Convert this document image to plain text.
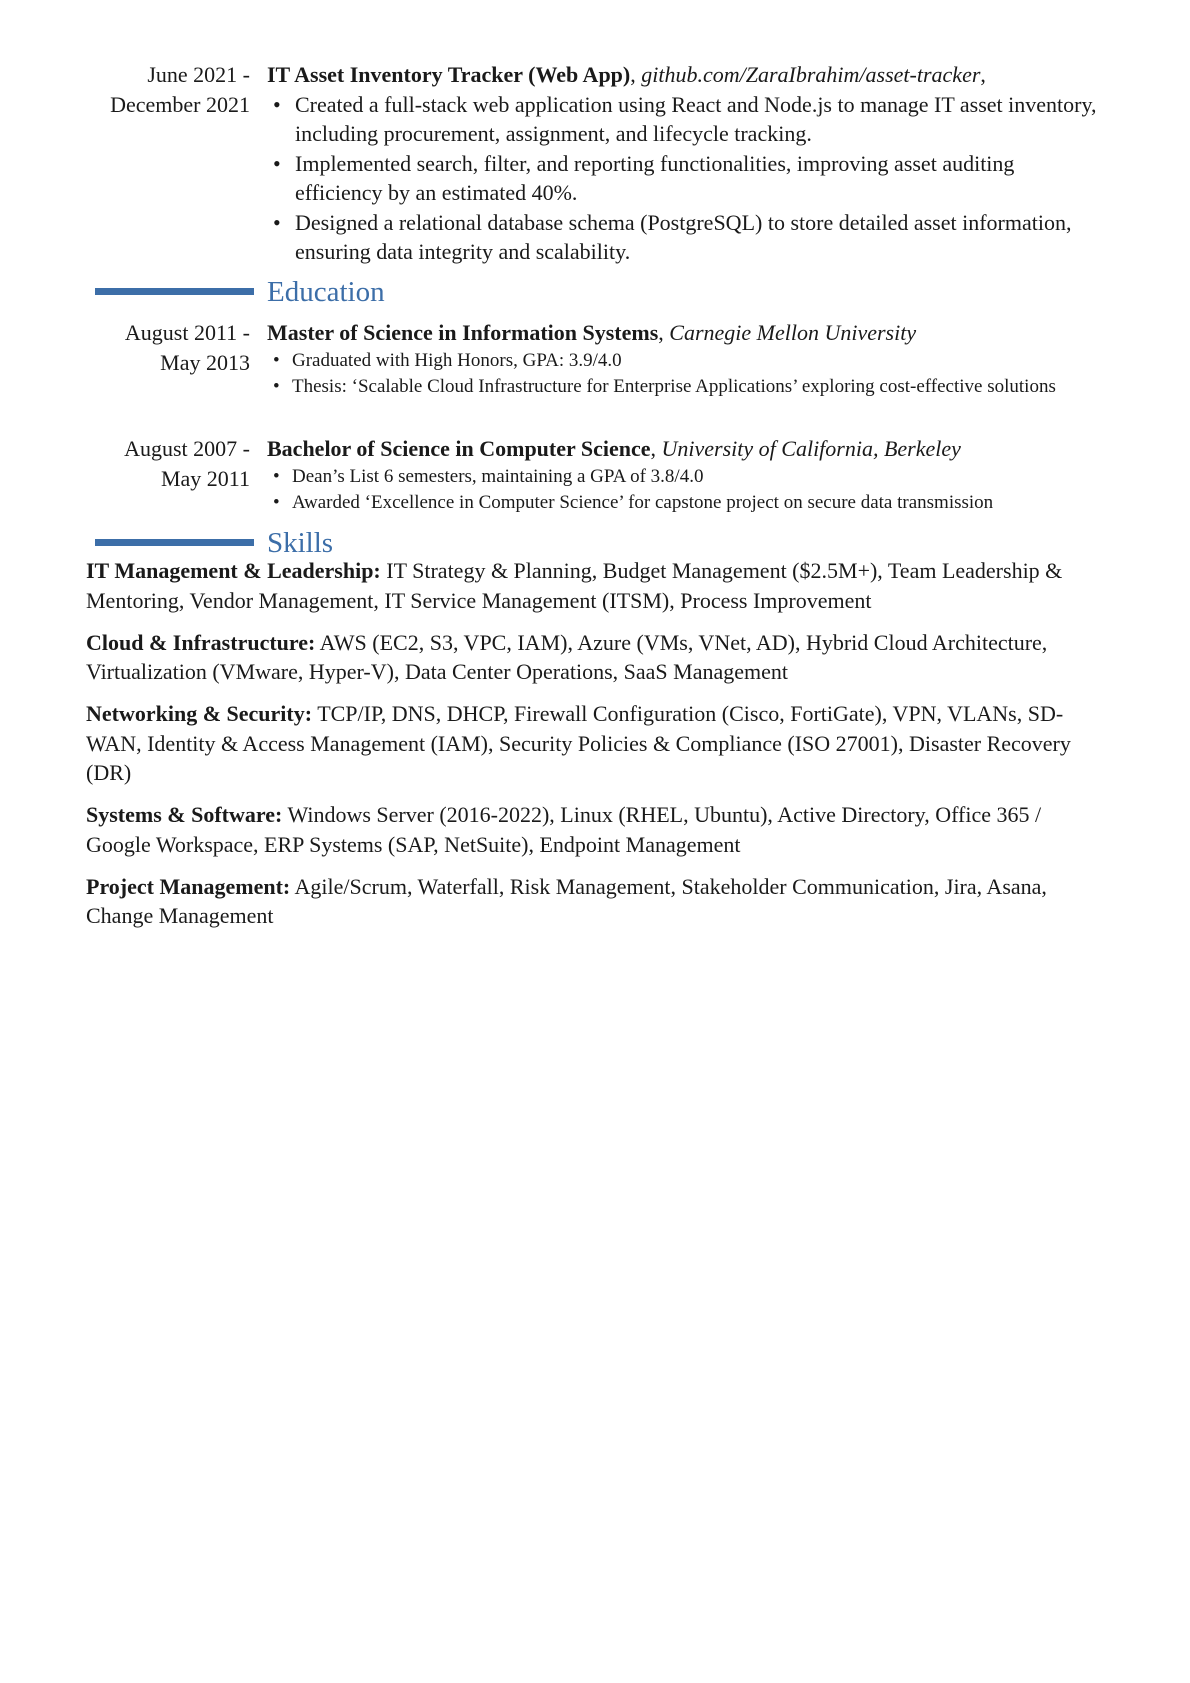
June 2021 -
December 2021
IT Asset Inventory Tracker (Web App), github.com/ZaraIbrahim/asset-tracker,
• Created a full-stack web application using React and Node.js to manage IT asset inventory, including procurement, assignment, and lifecycle tracking.
• Implemented search, filter, and reporting functionalities, improving asset auditing efficiency by an estimated 40%.
• Designed a relational database schema (PostgreSQL) to store detailed asset information, ensuring data integrity and scalability.
Education
August 2011 -
May 2013
Master of Science in Information Systems, Carnegie Mellon University
• Graduated with High Honors, GPA: 3.9/4.0
• Thesis: ‘Scalable Cloud Infrastructure for Enterprise Applications’ exploring cost-effective solutions
August 2007 -
May 2011
Bachelor of Science in Computer Science, University of California, Berkeley
• Dean’s List 6 semesters, maintaining a GPA of 3.8/4.0
• Awarded ‘Excellence in Computer Science’ for capstone project on secure data transmission
Skills

IT Management & Leadership: IT Strategy & Planning, Budget Management ($2.5M+), Team Leadership & Mentoring, Vendor Management, IT Service Management (ITSM), Process Improvement

Cloud & Infrastructure: AWS (EC2, S3, VPC, IAM), Azure (VMs, VNet, AD), Hybrid Cloud Architecture, Virtualization (VMware, Hyper-V), Data Center Operations, SaaS Management

Networking & Security: TCP/IP, DNS, DHCP, Firewall Configuration (Cisco, FortiGate), VPN, VLANs, SD-WAN, Identity & Access Management (IAM), Security Policies & Compliance (ISO 27001), Disaster Recovery (DR)

Systems & Software: Windows Server (2016-2022), Linux (RHEL, Ubuntu), Active Directory, Office 365 / Google Workspace, ERP Systems (SAP, NetSuite), Endpoint Management

Project Management: Agile/Scrum, Waterfall, Risk Management, Stakeholder Communication, Jira, Asana, Change Management
